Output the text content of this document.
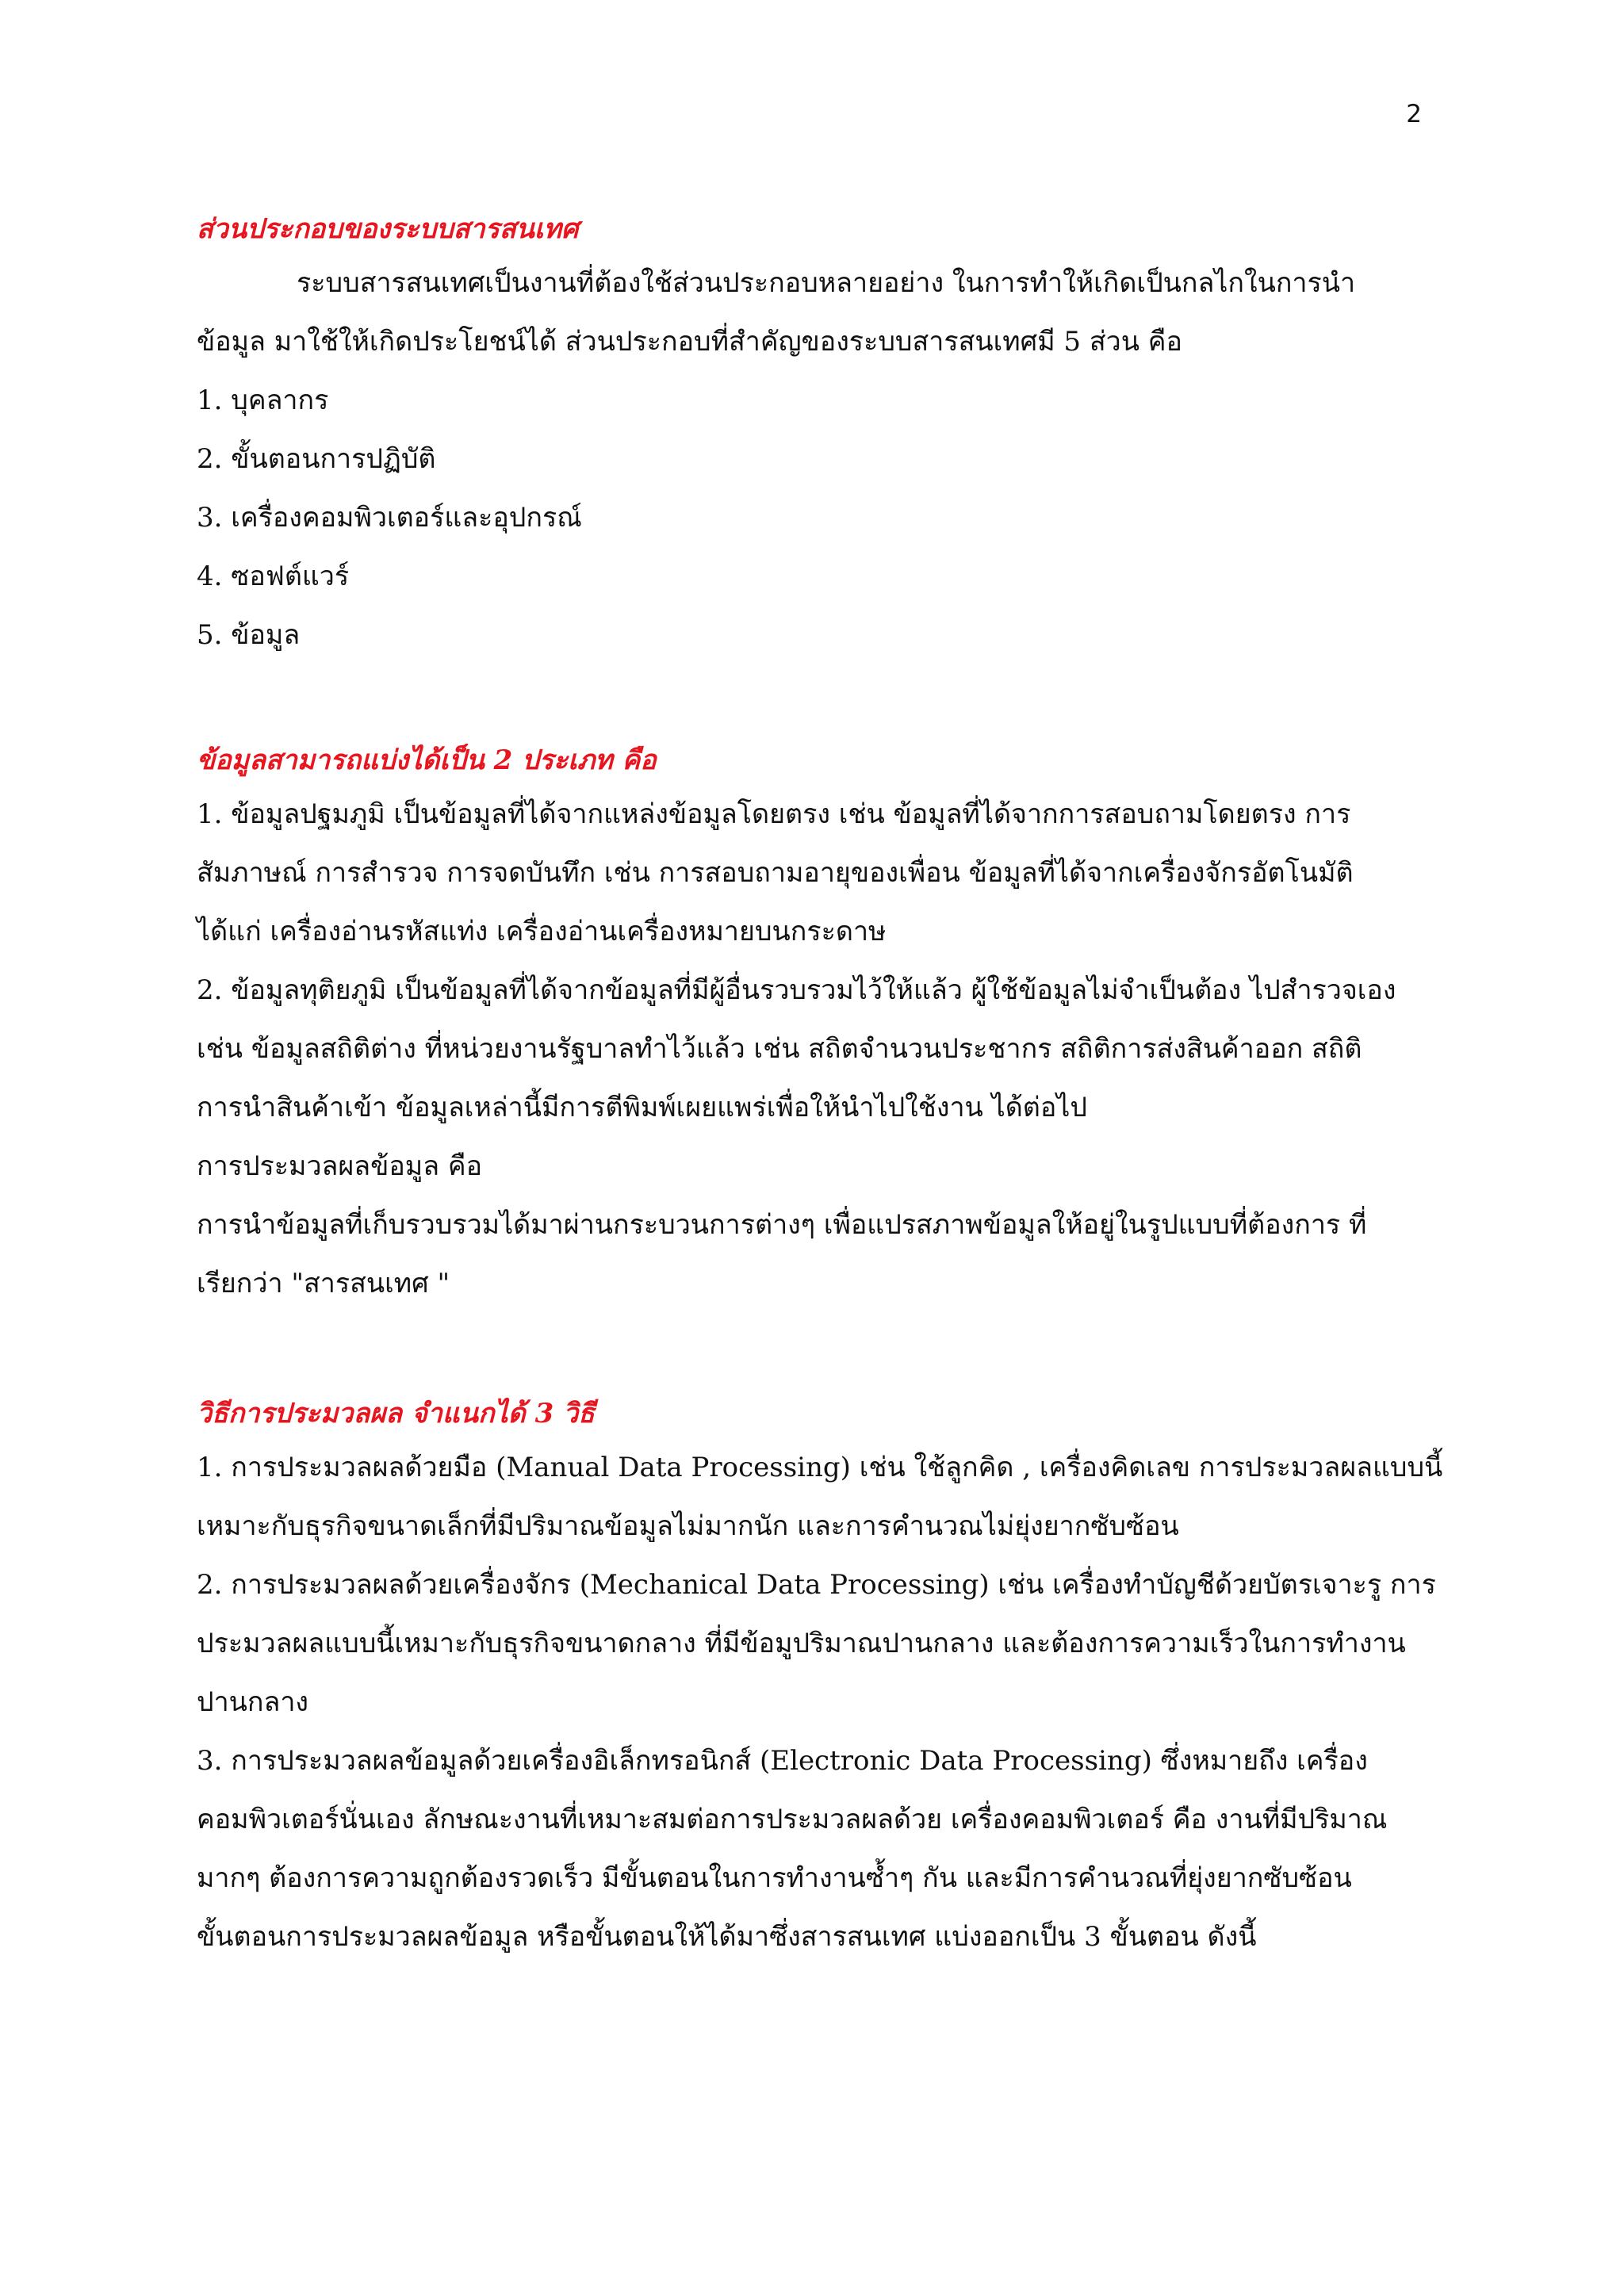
2
ส่วนประกอบของระบบสารสนเทศ
ระบบสารสนเทศเป็นงานที่ต้องใช้ส่วนประกอบหลายอย่าง ในการทำให้เกิดเป็นกลไกในการนำ
ข้อมูล มาใช้ให้เกิดประโยชน์ได้ ส่วนประกอบที่สำคัญของระบบสารสนเทศมี 5 ส่วน คือ
1. บุคลากร
2. ขั้นตอนการปฏิบัติ
3. เครื่องคอมพิวเตอร์และอุปกรณ์
4. ซอฟต์แวร์
5. ข้อมูล
ข้อมูลสามารถแบ่งได้เป็น 2 ประเภท คือ
1. ข้อมูลปฐมภูมิ เป็นข้อมูลที่ได้จากแหล่งข้อมูลโดยตรง เช่น ข้อมูลที่ได้จากการสอบถามโดยตรง การ
สัมภาษณ์ การสำรวจ การจดบันทึก เช่น การสอบถามอายุของเพื่อน ข้อมูลที่ได้จากเครื่องจักรอัตโนมัติ
ได้แก่ เครื่องอ่านรหัสแท่ง เครื่องอ่านเครื่องหมายบนกระดาษ
2. ข้อมูลทุติยภูมิ เป็นข้อมูลที่ได้จากข้อมูลที่มีผู้อื่นรวบรวมไว้ให้แล้ว ผู้ใช้ข้อมูลไม่จำเป็นต้อง ไปสำรวจเอง
เช่น ข้อมูลสถิติต่าง ที่หน่วยงานรัฐบาลทำไว้แล้ว เช่น สถิตจำนวนประชากร สถิติการส่งสินค้าออก สถิติ
การนำสินค้าเข้า ข้อมูลเหล่านี้มีการตีพิมพ์เผยแพร่เพื่อให้นำไปใช้งาน ได้ต่อไป
การประมวลผลข้อมูล คือ
การนำข้อมูลที่เก็บรวบรวมได้มาผ่านกระบวนการต่างๆ เพื่อแปรสภาพข้อมูลให้อยู่ในรูปแบบที่ต้องการ ที่
เรียกว่า "สารสนเทศ "
วิธีการประมวลผล จำแนกได้ 3 วิธี
1. การประมวลผลด้วยมือ (Manual Data Processing) เช่น ใช้ลูกคิด , เครื่องคิดเลข การประมวลผลแบบนี้
เหมาะกับธุรกิจขนาดเล็กที่มีปริมาณข้อมูลไม่มากนัก และการคำนวณไม่ยุ่งยากซับซ้อน
2. การประมวลผลด้วยเครื่องจักร (Mechanical Data Processing) เช่น เครื่องทำบัญชีด้วยบัตรเจาะรู การ
ประมวลผลแบบนี้เหมาะกับธุรกิจขนาดกลาง ที่มีข้อมูปริมาณปานกลาง และต้องการความเร็วในการทำงาน
ปานกลาง
3. การประมวลผลข้อมูลด้วยเครื่องอิเล็กทรอนิกส์ (Electronic Data Processing) ซึ่งหมายถึง เครื่อง
คอมพิวเตอร์นั่นเอง ลักษณะงานที่เหมาะสมต่อการประมวลผลด้วย เครื่องคอมพิวเตอร์ คือ งานที่มีปริมาณ
มากๆ ต้องการความถูกต้องรวดเร็ว มีขั้นตอนในการทำงานซ้ำๆ กัน และมีการคำนวณที่ยุ่งยากซับซ้อน
ขั้นตอนการประมวลผลข้อมูล หรือขั้นตอนให้ได้มาซึ่งสารสนเทศ แบ่งออกเป็น 3 ขั้นตอน ดังนี้
